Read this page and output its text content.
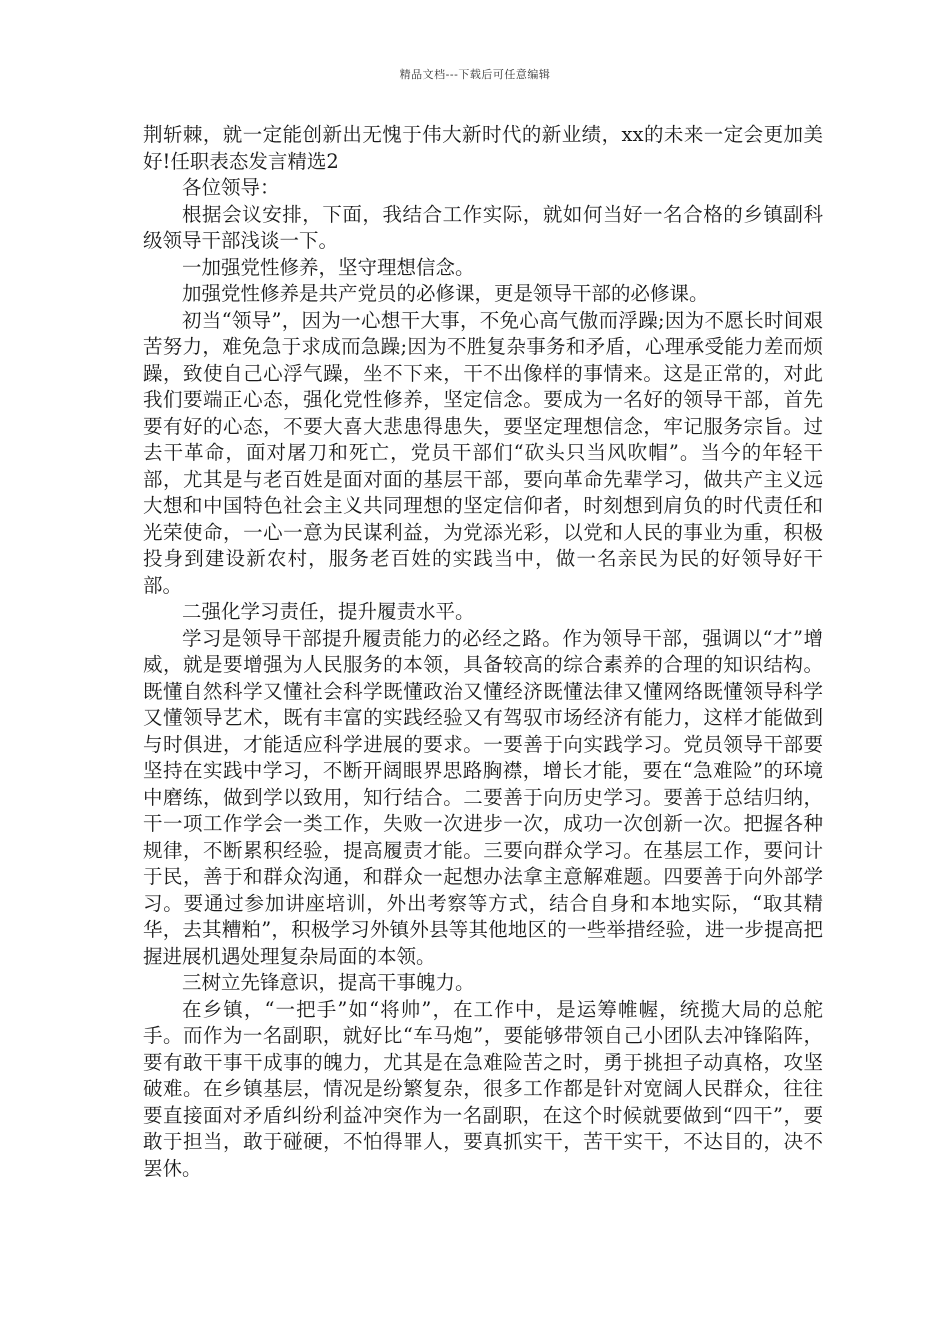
精品文档---下载后可任意编辑

荆斩棘，就一定能创新出无愧于伟大新时代的新业绩，xx的未来一定会更加美好!任职表态发言精选2

各位领导：

根据会议安排，下面，我结合工作实际，就如何当好一名合格的乡镇副科级领导干部浅谈一下。

一加强党性修养，坚守理想信念。

加强党性修养是共产党员的必修课，更是领导干部的必修课。

初当“领导”，因为一心想干大事，不免心高气傲而浮躁;因为不愿长时间艰苦努力，难免急于求成而急躁;因为不胜复杂事务和矛盾，心理承受能力差而烦躁，致使自己心浮气躁，坐不下来，干不出像样的事情来。这是正常的，对此我们要端正心态，强化党性修养，坚定信念。要成为一名好的领导干部，首先要有好的心态，不要大喜大悲患得患失，要坚定理想信念，牢记服务宗旨。过去干革命，面对屠刀和死亡，党员干部们“砍头只当风吹帽”。当今的年轻干部，尤其是与老百姓是面对面的基层干部，要向革命先辈学习，做共产主义远大想和中国特色社会主义共同理想的坚定信仰者，时刻想到肩负的时代责任和光荣使命，一心一意为民谋利益，为党添光彩，以党和人民的事业为重，积极投身到建设新农村，服务老百姓的实践当中，做一名亲民为民的好领导好干部。

二强化学习责任，提升履责水平。

学习是领导干部提升履责能力的必经之路。作为领导干部，强调以“才”增威，就是要增强为人民服务的本领，具备较高的综合素养的合理的知识结构。既懂自然科学又懂社会科学既懂政治又懂经济既懂法律又懂网络既懂领导科学又懂领导艺术，既有丰富的实践经验又有驾驭市场经济有能力，这样才能做到与时俱进，才能适应科学进展的要求。一要善于向实践学习。党员领导干部要坚持在实践中学习，不断开阔眼界思路胸襟，增长才能，要在“急难险”的环境中磨练，做到学以致用，知行结合。二要善于向历史学习。要善于总结归纳，干一项工作学会一类工作，失败一次进步一次，成功一次创新一次。把握各种规律，不断累积经验，提高履责才能。三要向群众学习。在基层工作，要问计于民，善于和群众沟通，和群众一起想办法拿主意解难题。四要善于向外部学习。要通过参加讲座培训，外出考察等方式，结合自身和本地实际，“取其精华，去其糟粕”，积极学习外镇外县等其他地区的一些举措经验，进一步提高把握进展机遇处理复杂局面的本领。

三树立先锋意识，提高干事魄力。

在乡镇，“一把手”如“将帅”，在工作中，是运筹帷幄，统揽大局的总舵手。而作为一名副职，就好比“车马炮”，要能够带领自己小团队去冲锋陷阵，要有敢干事干成事的魄力，尤其是在急难险苦之时，勇于挑担子动真格，攻坚破难。在乡镇基层，情况是纷繁复杂，很多工作都是针对宽阔人民群众，往往要直接面对矛盾纠纷利益冲突作为一名副职，在这个时候就要做到“四干”，要敢于担当，敢于碰硬，不怕得罪人，要真抓实干，苦干实干，不达目的，决不罢休。
